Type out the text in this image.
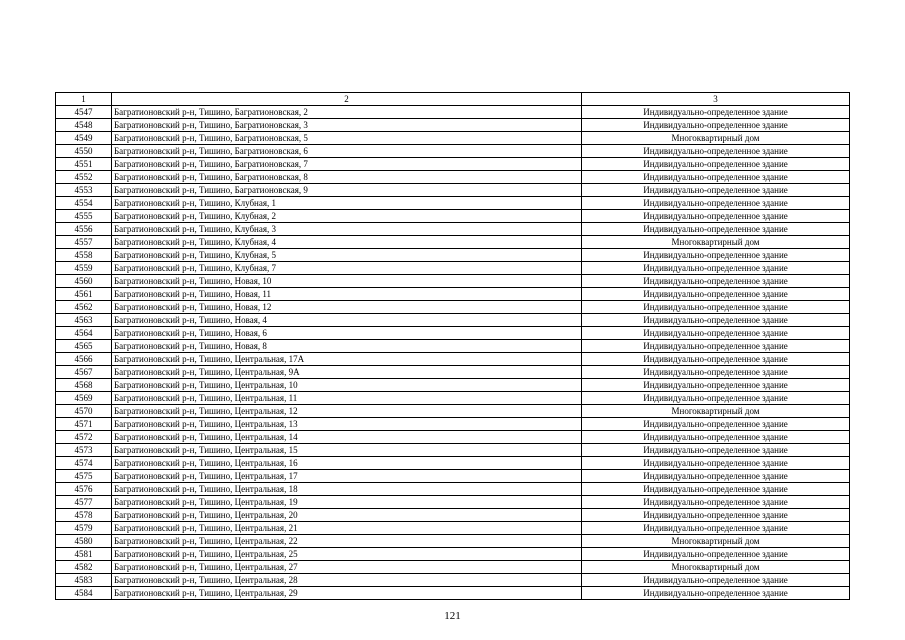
1	2	3
4547	Багратионовский р-н, Тишино, Багратионовская, 2	Индивидуально-определенное здание
4548	Багратионовский р-н, Тишино, Багратионовская, 3	Индивидуально-определенное здание
4549	Багратионовский р-н, Тишино, Багратионовская, 5	Многоквартирный дом
4550	Багратионовский р-н, Тишино, Багратионовская, 6	Индивидуально-определенное здание
4551	Багратионовский р-н, Тишино, Багратионовская, 7	Индивидуально-определенное здание
4552	Багратионовский р-н, Тишино, Багратионовская, 8	Индивидуально-определенное здание
4553	Багратионовский р-н, Тишино, Багратионовская, 9	Индивидуально-определенное здание
4554	Багратионовский р-н, Тишино, Клубная, 1	Индивидуально-определенное здание
4555	Багратионовский р-н, Тишино, Клубная, 2	Индивидуально-определенное здание
4556	Багратионовский р-н, Тишино, Клубная, 3	Индивидуально-определенное здание
4557	Багратионовский р-н, Тишино, Клубная, 4	Многоквартирный дом
4558	Багратионовский р-н, Тишино, Клубная, 5	Индивидуально-определенное здание
4559	Багратионовский р-н, Тишино, Клубная, 7	Индивидуально-определенное здание
4560	Багратионовский р-н, Тишино, Новая, 10	Индивидуально-определенное здание
4561	Багратионовский р-н, Тишино, Новая, 11	Индивидуально-определенное здание
4562	Багратионовский р-н, Тишино, Новая, 12	Индивидуально-определенное здание
4563	Багратионовский р-н, Тишино, Новая, 4	Индивидуально-определенное здание
4564	Багратионовский р-н, Тишино, Новая, 6	Индивидуально-определенное здание
4565	Багратионовский р-н, Тишино, Новая, 8	Индивидуально-определенное здание
4566	Багратионовский р-н, Тишино, Центральная, 17А	Индивидуально-определенное здание
4567	Багратионовский р-н, Тишино, Центральная, 9А	Индивидуально-определенное здание
4568	Багратионовский р-н, Тишино, Центральная, 10	Индивидуально-определенное здание
4569	Багратионовский р-н, Тишино, Центральная, 11	Индивидуально-определенное здание
4570	Багратионовский р-н, Тишино, Центральная, 12	Многоквартирный дом
4571	Багратионовский р-н, Тишино, Центральная, 13	Индивидуально-определенное здание
4572	Багратионовский р-н, Тишино, Центральная, 14	Индивидуально-определенное здание
4573	Багратионовский р-н, Тишино, Центральная, 15	Индивидуально-определенное здание
4574	Багратионовский р-н, Тишино, Центральная, 16	Индивидуально-определенное здание
4575	Багратионовский р-н, Тишино, Центральная, 17	Индивидуально-определенное здание
4576	Багратионовский р-н, Тишино, Центральная, 18	Индивидуально-определенное здание
4577	Багратионовский р-н, Тишино, Центральная, 19	Индивидуально-определенное здание
4578	Багратионовский р-н, Тишино, Центральная, 20	Индивидуально-определенное здание
4579	Багратионовский р-н, Тишино, Центральная, 21	Индивидуально-определенное здание
4580	Багратионовский р-н, Тишино, Центральная, 22	Многоквартирный дом
4581	Багратионовский р-н, Тишино, Центральная, 25	Индивидуально-определенное здание
4582	Багратионовский р-н, Тишино, Центральная, 27	Многоквартирный дом
4583	Багратионовский р-н, Тишино, Центральная, 28	Индивидуально-определенное здание
4584	Багратионовский р-н, Тишино, Центральная, 29	Индивидуально-определенное здание
121
